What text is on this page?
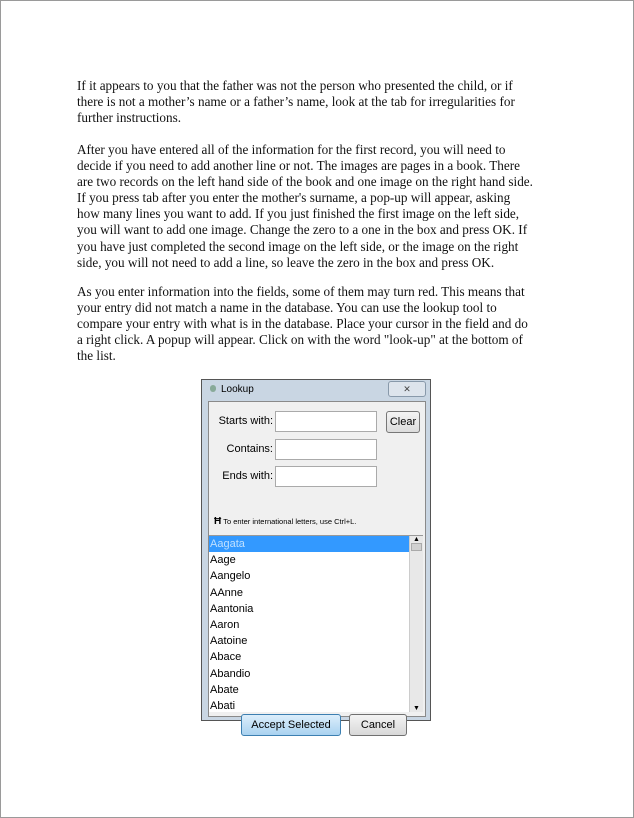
If it appears to you that the father was not the person who presented the child, or if
there is not a mother’s name or a father’s name, look at the tab for irregularities for
further instructions.
After you have entered all of the information for the first record, you will need to
decide if you need to add another line or not. The images are pages in a book. There
are two records on the left hand side of the book and one image on the right hand side.
If you press tab after you enter the mother's surname, a pop-up will appear, asking
how many lines you want to add. If you just finished the first image on the left side,
you will want to add one image. Change the zero to a one in the box and press OK. If
you have just completed the second image on the left side, or the image on the right
side, you will not need to add a line, so leave the zero in the box and press OK.
As you enter information into the fields, some of them may turn red. This means that
your entry did not match a name in the database. You can use the lookup tool to
compare your entry with what is in the database. Place your cursor in the field and do
a right click. A popup will appear. Click on with the word "look-up" at the bottom of
the list.
Lookup	✕
Starts with:	Clear
Contains:
Ends with:
Ħ To enter international letters, use Ctrl+L.
Aagata
Aage
Aangelo
AAnne
Aantonia
Aaron
Aatoine
Abace
Abandio
Abate
Abati
▲
▼
Accept Selected	Cancel
